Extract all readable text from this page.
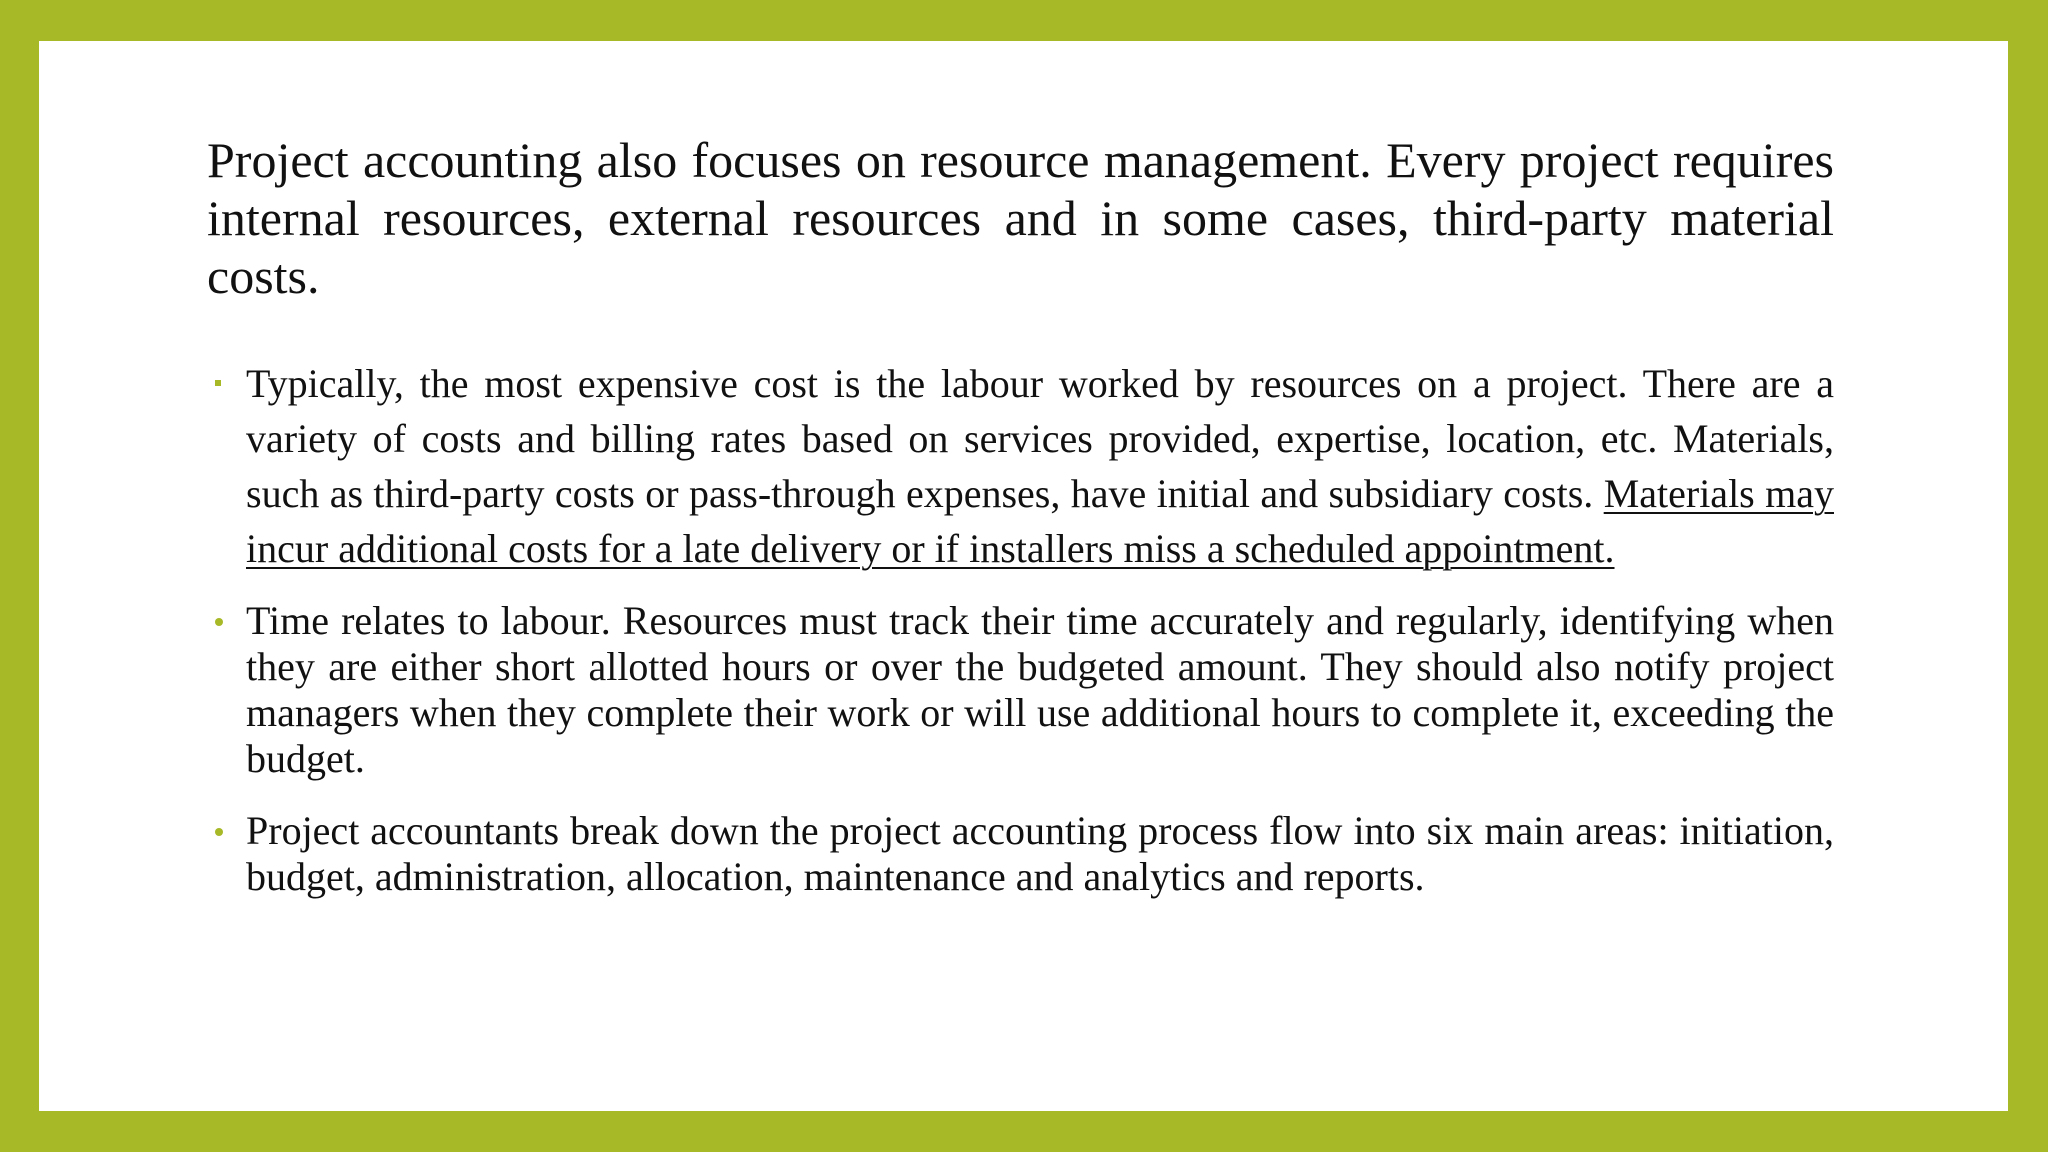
Project accounting also focuses on resource management. Every project requires internal resources, external resources and in some cases, third-party material costs.

Typically, the most expensive cost is the labour worked by resources on a project. There are a variety of costs and billing rates based on services provided, expertise, location, etc. Materials, such as third-party costs or pass-through expenses, have initial and subsidiary costs. Materials may incur additional costs for a late delivery or if installers miss a scheduled appointment.
Time relates to labour. Resources must track their time accurately and regularly, identifying when they are either short allotted hours or over the budgeted amount. They should also notify project managers when they complete their work or will use additional hours to complete it, exceeding the budget.
Project accountants break down the project accounting process flow into six main areas: initiation, budget, administration, allocation, maintenance and analytics and reports.
